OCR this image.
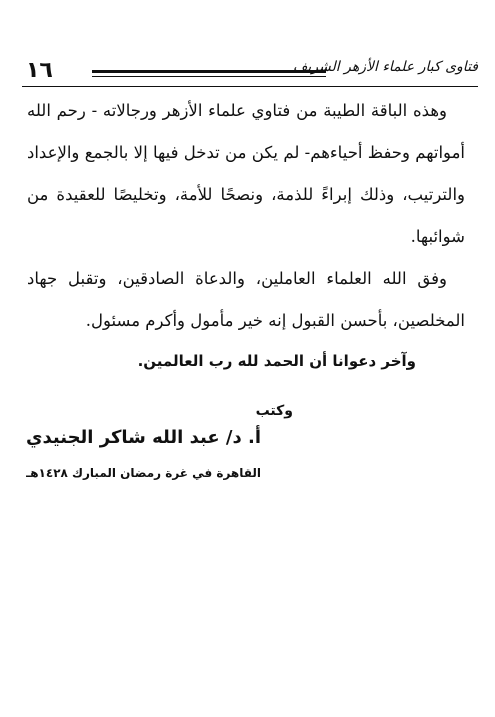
١٦	فتاوى كبار علماء الأزهر الشريف

وهذه الباقة الطيبة من فتاوي علماء الأزهر ورجالاته - رحم الله أمواتهم وحفظ أحياءهم- لم يكن من تدخل فيها إلا بالجمع والإعداد والترتيب، وذلك إبراءً للذمة، ونصحًا للأمة، وتخليصًا للعقيدة من شوائبها.

وفق الله العلماء العاملين، والدعاة الصادقين، وتقبل جهاد المخلصين، بأحسن القبول إنه خير مأمول وأكرم مسئول.

وآخر دعوانا أن الحمد لله رب العالمين.
وكتب
أ. د/ عبد الله شاكر الجنيدي
القاهرة في غرة رمضان المبارك ١٤٢٨هـ
